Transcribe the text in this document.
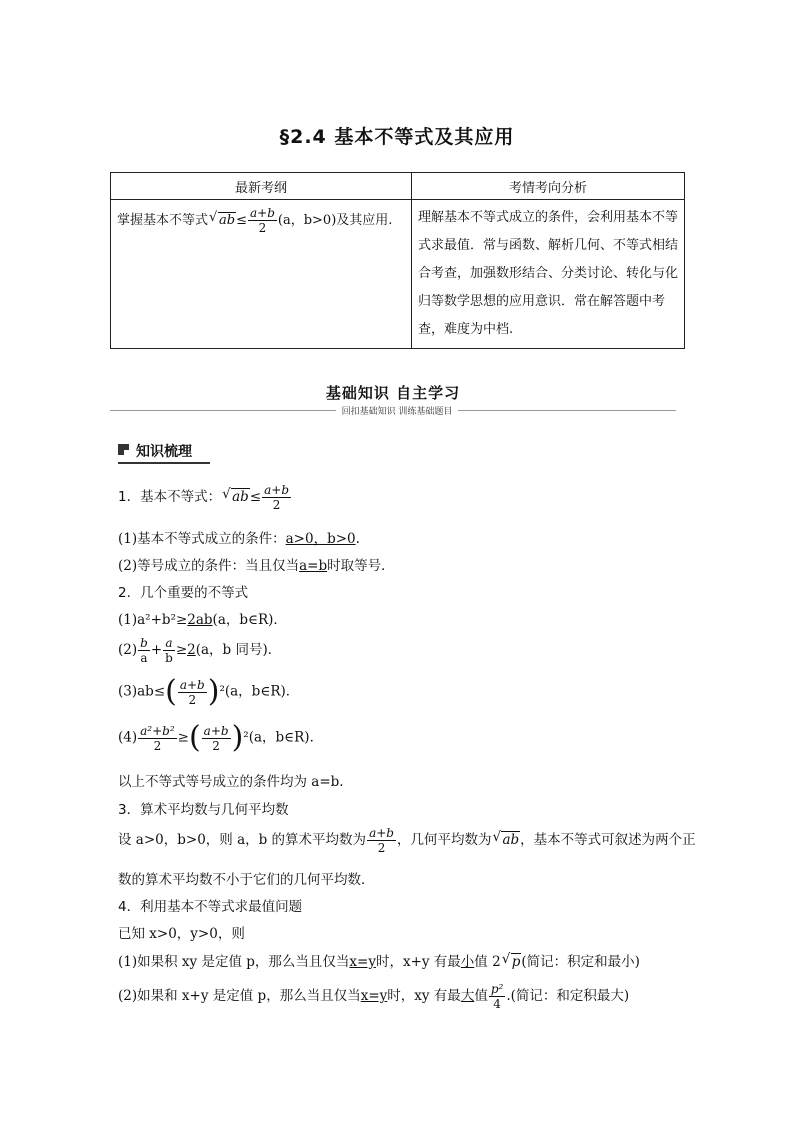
§2.4 基本不等式及其应用
最新考纲	考情考向分析
掌握基本不等式 √ $ab\le \frac{a+b}{2} (a$，b>0)及其应用.	理解基本不等式成立的条件，会利用基本不等式求最值．常与函数、解析几何、不等式相结合考查，加强数形结合、分类讨论、转化与化归等数学思想的应用意识．常在解答题中考查，难度为中档.
基础知识 自主学习
回扣基础知识 训练基础题目
知识梳理
1．基本不等式： √ $ab\le \frac{a+b}{2}$
(1)基本不等式成立的条件：a>0，b>0.
(2)等号成立的条件：当且仅当a=b时取等号．
2．几个重要的不等式
(1)a²+b²≥2ab(a，b∈R)．
$(2) \frac{b}{a} + \frac{a}{b} \ge 2(a$，b 同号)．
$(3)ab\le( \frac{a+b}{2} )^2(a$，b∈R)．
$(4) \frac{\text{a²+b²}}{2}$ ≥( $\frac{a+b}{2} )^2(a$，b∈R)．
以上不等式等号成立的条件均为 a=b.
3．算术平均数与几何平均数
设 a>0，b>0，则 a，b 的算术平均数为 $\frac{a+b}{2}$ ，几何平均数为 √ ab，基本不等式可叙述为两个正
数的算术平均数不小于它们的几何平均数．
4．利用基本不等式求最值问题
已知 x>0，y>0，则
(1)如果积 xy 是定值 p，那么当且仅当x=y时，x+y 有最小值 2 √ p(简记：积定和最小)
(2)如果和 x+y 是定值 p，那么当且仅当x=y时，xy 有最大值 $\frac{\text{p²}}{4}$ .(简记：和定积最大)
